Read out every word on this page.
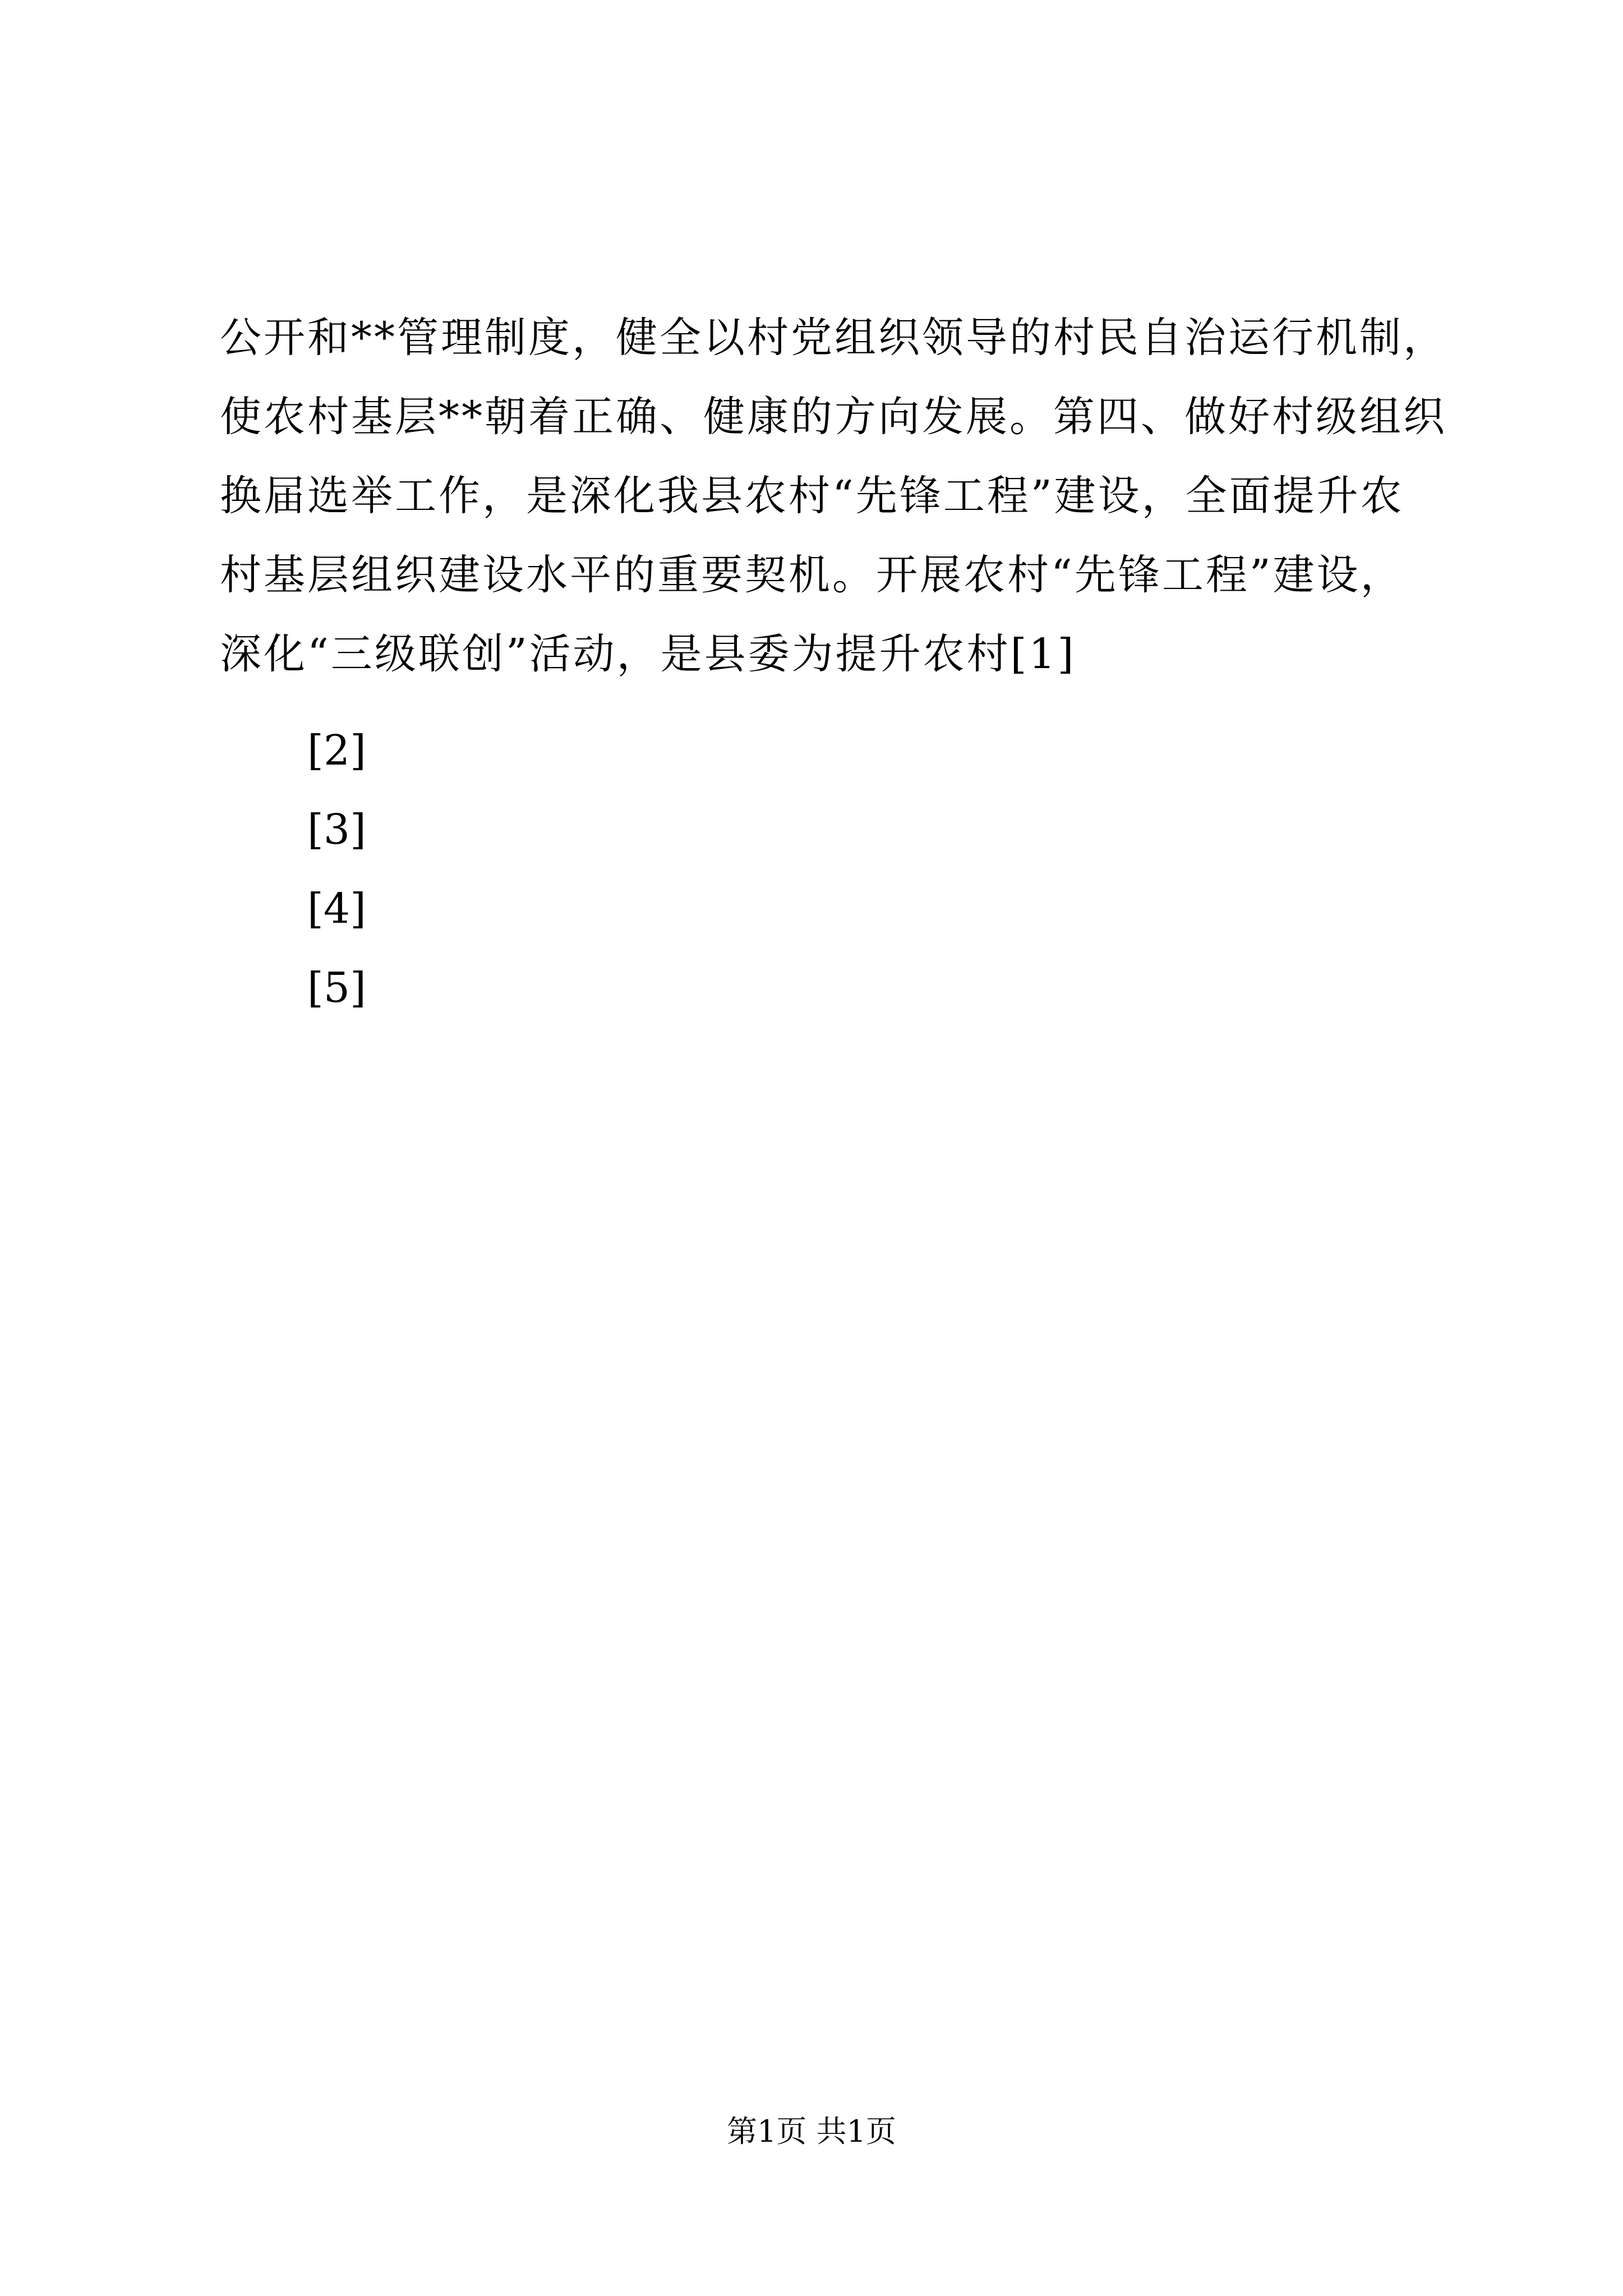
公开和**管理制度，健全以村党组织领导的村民自治运行机制，
使农村基层**朝着正确、健康的方向发展。第四、做好村级组织
换届选举工作，是深化我县农村“先锋工程”建设，全面提升农
村基层组织建设水平的重要契机。开展农村“先锋工程”建设，
深化“三级联创”活动，是县委为提升农村[1]
[2]
[3]
[4]
[5]
第1页 共1页
